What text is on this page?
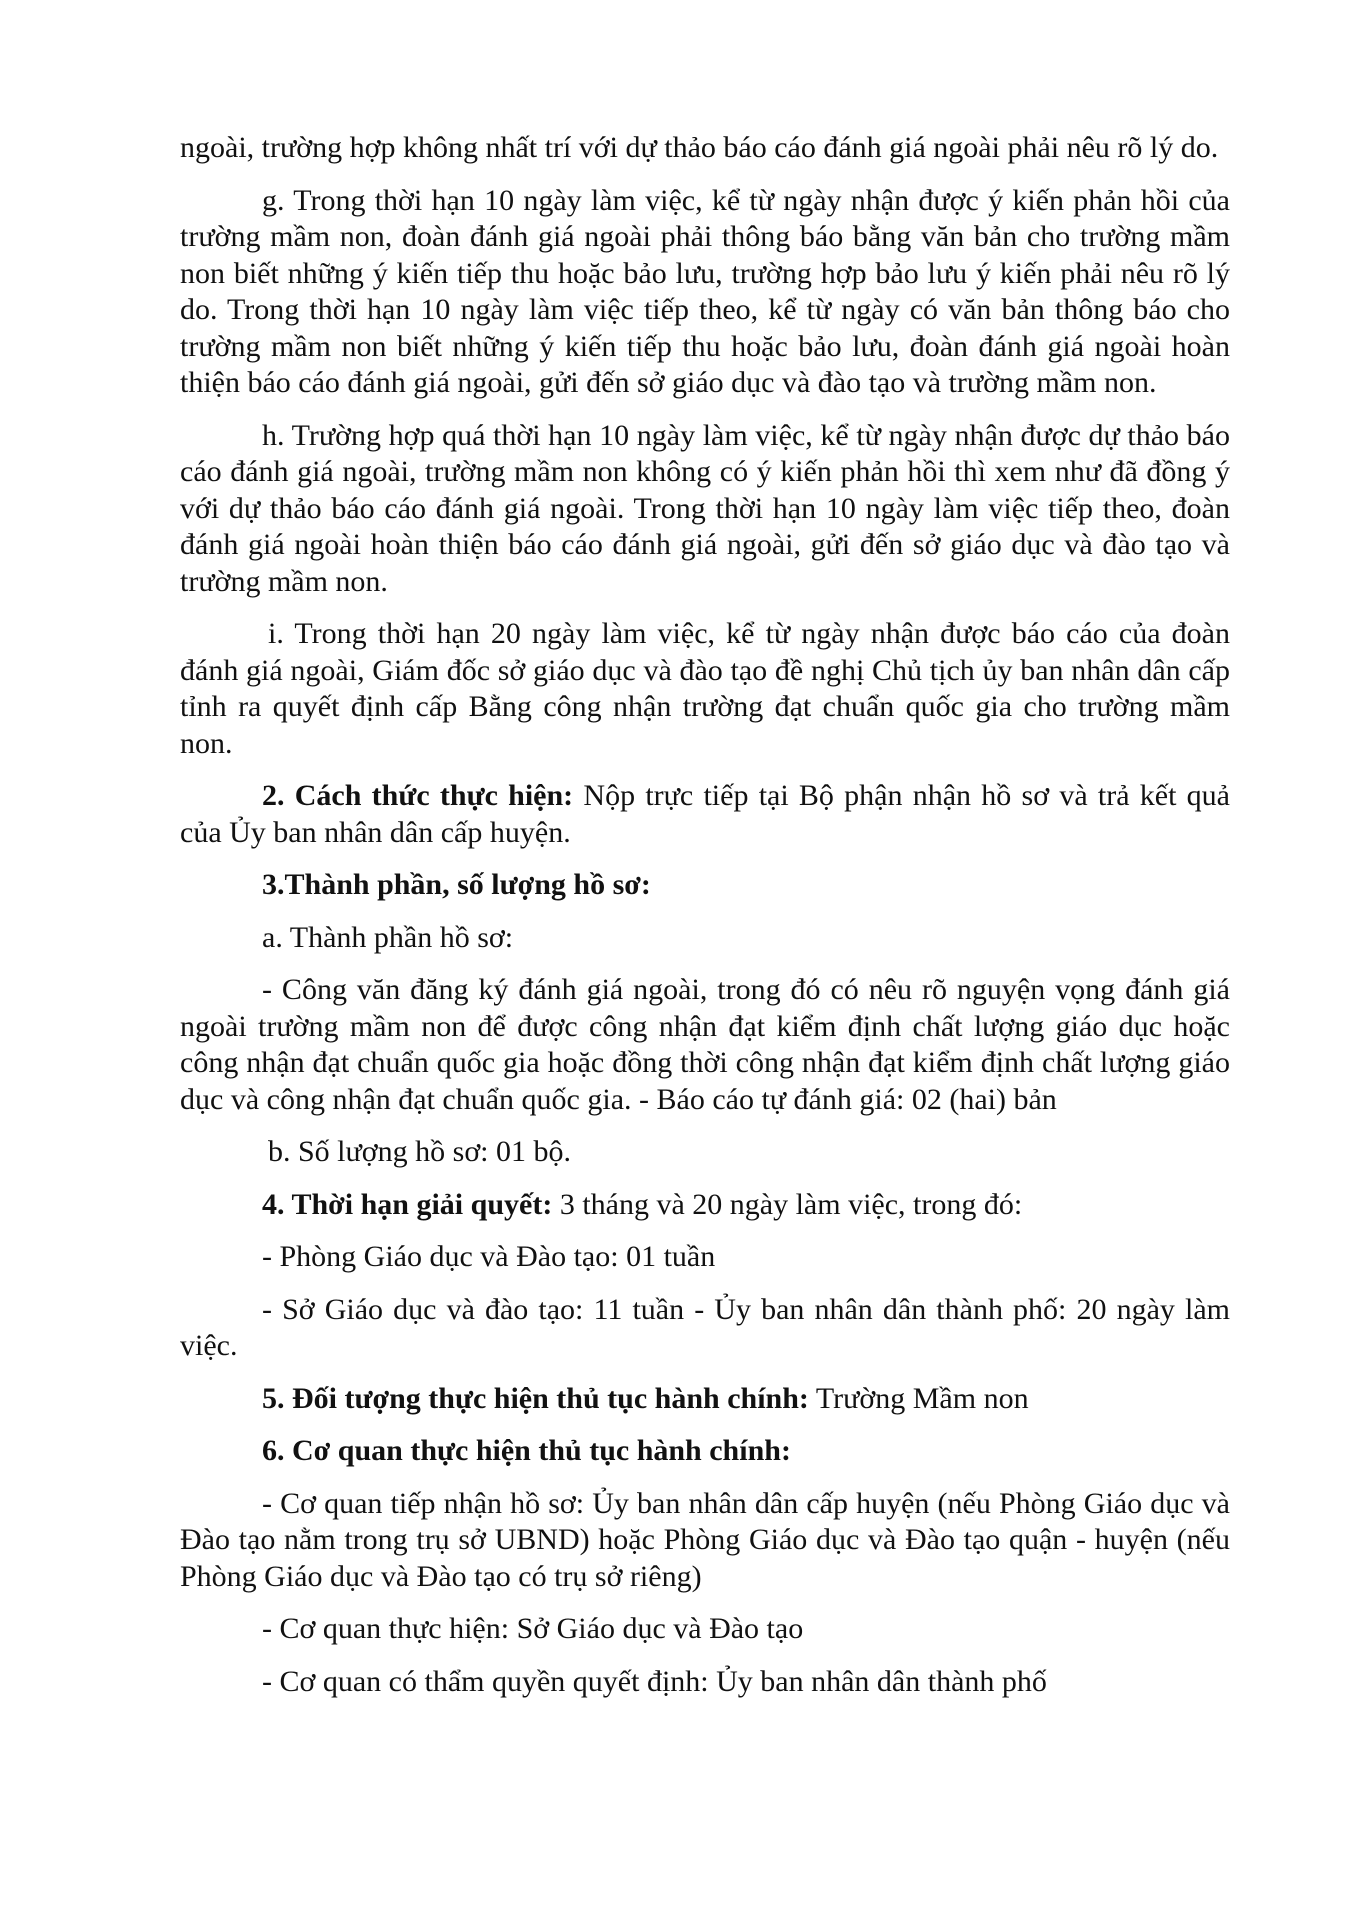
ngoài, trường hợp không nhất trí với dự thảo báo cáo đánh giá ngoài phải nêu rõ lý do.

g. Trong thời hạn 10 ngày làm việc, kể từ ngày nhận được ý kiến phản hồi của trường mầm non, đoàn đánh giá ngoài phải thông báo bằng văn bản cho trường mầm non biết những ý kiến tiếp thu hoặc bảo lưu, trường hợp bảo lưu ý kiến phải nêu rõ lý do. Trong thời hạn 10 ngày làm việc tiếp theo, kể từ ngày có văn bản thông báo cho trường mầm non biết những ý kiến tiếp thu hoặc bảo lưu, đoàn đánh giá ngoài hoàn thiện báo cáo đánh giá ngoài, gửi đến sở giáo dục và đào tạo và trường mầm non.

h. Trường hợp quá thời hạn 10 ngày làm việc, kể từ ngày nhận được dự thảo báo cáo đánh giá ngoài, trường mầm non không có ý kiến phản hồi thì xem như đã đồng ý với dự thảo báo cáo đánh giá ngoài. Trong thời hạn 10 ngày làm việc tiếp theo, đoàn đánh giá ngoài hoàn thiện báo cáo đánh giá ngoài, gửi đến sở giáo dục và đào tạo và trường mầm non.

i. Trong thời hạn 20 ngày làm việc, kể từ ngày nhận được báo cáo của đoàn đánh giá ngoài, Giám đốc sở giáo dục và đào tạo đề nghị Chủ tịch ủy ban nhân dân cấp tỉnh ra quyết định cấp Bằng công nhận trường đạt chuẩn quốc gia cho trường mầm non.

2. Cách thức thực hiện: Nộp trực tiếp tại Bộ phận nhận hồ sơ và trả kết quả của Ủy ban nhân dân cấp huyện.

3.Thành phần, số lượng hồ sơ:

a. Thành phần hồ sơ:

- Công văn đăng ký đánh giá ngoài, trong đó có nêu rõ nguyện vọng đánh giá ngoài trường mầm non để được công nhận đạt kiểm định chất lượng giáo dục hoặc công nhận đạt chuẩn quốc gia hoặc đồng thời công nhận đạt kiểm định chất lượng giáo dục và công nhận đạt chuẩn quốc gia. - Báo cáo tự đánh giá: 02 (hai) bản

b. Số lượng hồ sơ: 01 bộ.

4. Thời hạn giải quyết: 3 tháng và 20 ngày làm việc, trong đó:

- Phòng Giáo dục và Đào tạo: 01 tuần

- Sở Giáo dục và đào tạo: 11 tuần - Ủy ban nhân dân thành phố: 20 ngày làm việc.

5. Đối tượng thực hiện thủ tục hành chính: Trường Mầm non

6. Cơ quan thực hiện thủ tục hành chính:

- Cơ quan tiếp nhận hồ sơ: Ủy ban nhân dân cấp huyện (nếu Phòng Giáo dục và Đào tạo nằm trong trụ sở UBND) hoặc Phòng Giáo dục và Đào tạo quận - huyện (nếu Phòng Giáo dục và Đào tạo có trụ sở riêng)

- Cơ quan thực hiện: Sở Giáo dục và Đào tạo

- Cơ quan có thẩm quyền quyết định: Ủy ban nhân dân thành phố
